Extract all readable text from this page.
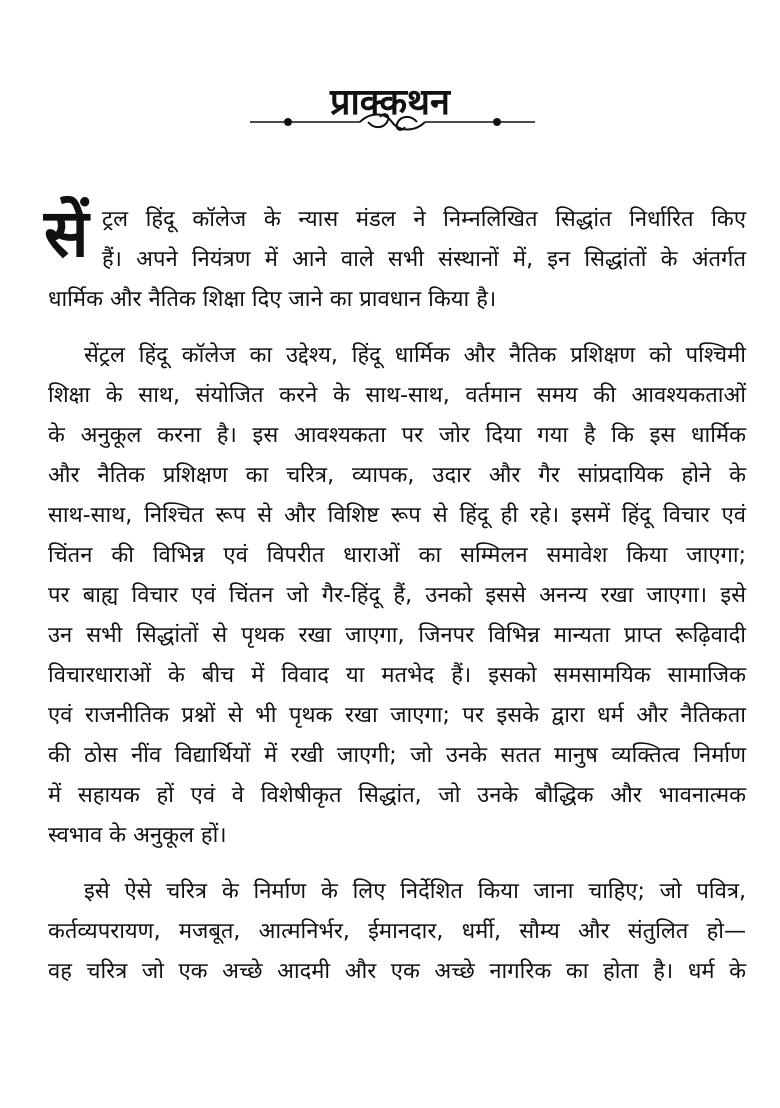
प्राक्कथन
सें ट्रल हिंदू कॉलेज के न्यास मंडल ने निम्नलिखित सिद्धांत निर्धारित किए
हैं। अपने नियंत्रण में आने वाले सभी संस्थानों में, इन सिद्धांतों के अंतर्गत
धार्मिक और नैतिक शिक्षा दिए जाने का प्रावधान किया है।
सेंट्रल हिंदू कॉलेज का उद्देश्य, हिंदू धार्मिक और नैतिक प्रशिक्षण को पश्चिमी
शिक्षा के साथ, संयोजित करने के साथ-साथ, वर्तमान समय की आवश्यकताओं
के अनुकूल करना है। इस आवश्यकता पर जोर दिया गया है कि इस धार्मिक
और नैतिक प्रशिक्षण का चरित्र, व्यापक, उदार और गैर सांप्रदायिक होने के
साथ-साथ, निश्चित रूप से और विशिष्ट रूप से हिंदू ही रहे। इसमें हिंदू विचार एवं
चिंतन की विभिन्न एवं विपरीत धाराओं का सम्मिलन समावेश किया जाएगा;
पर बाह्य विचार एवं चिंतन जो गैर-हिंदू हैं, उनको इससे अनन्य रखा जाएगा। इसे
उन सभी सिद्धांतों से पृथक रखा जाएगा, जिनपर विभिन्न मान्यता प्राप्त रूढ़िवादी
विचारधाराओं के बीच में विवाद या मतभेद हैं। इसको समसामयिक सामाजिक
एवं राजनीतिक प्रश्नों से भी पृथक रखा जाएगा; पर इसके द्वारा धर्म और नैतिकता
की ठोस नींव विद्यार्थियों में रखी जाएगी; जो उनके सतत मानुष व्यक्तित्व निर्माण
में सहायक हों एवं वे विशेषीकृत सिद्धांत, जो उनके बौद्धिक और भावनात्मक
स्वभाव के अनुकूल हों।
इसे ऐसे चरित्र के निर्माण के लिए निर्देशित किया जाना चाहिए; जो पवित्र,
कर्तव्यपरायण, मजबूत, आत्मनिर्भर, ईमानदार, धर्मी, सौम्य और संतुलित हो—
वह चरित्र जो एक अच्छे आदमी और एक अच्छे नागरिक का होता है। धर्म के
